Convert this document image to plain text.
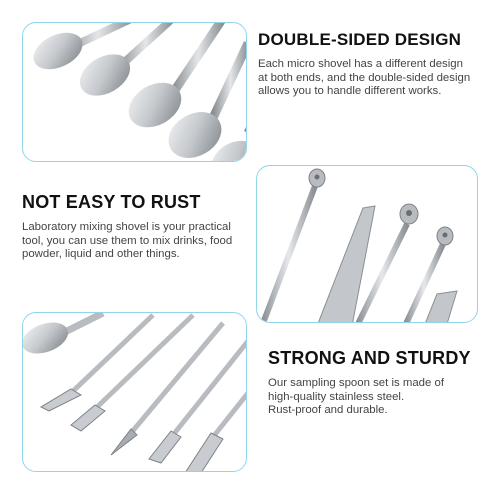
DOUBLE-SIDED DESIGN

Each micro shovel has a different design
at both ends, and the double-sided design
allows you to handle different works.

NOT EASY TO RUST

Laboratory mixing shovel is your practical
tool, you can use them to mix drinks, food
powder, liquid and other things.

STRONG AND STURDY

Our sampling spoon set is made of
high-quality stainless steel.
Rust-proof and durable.
